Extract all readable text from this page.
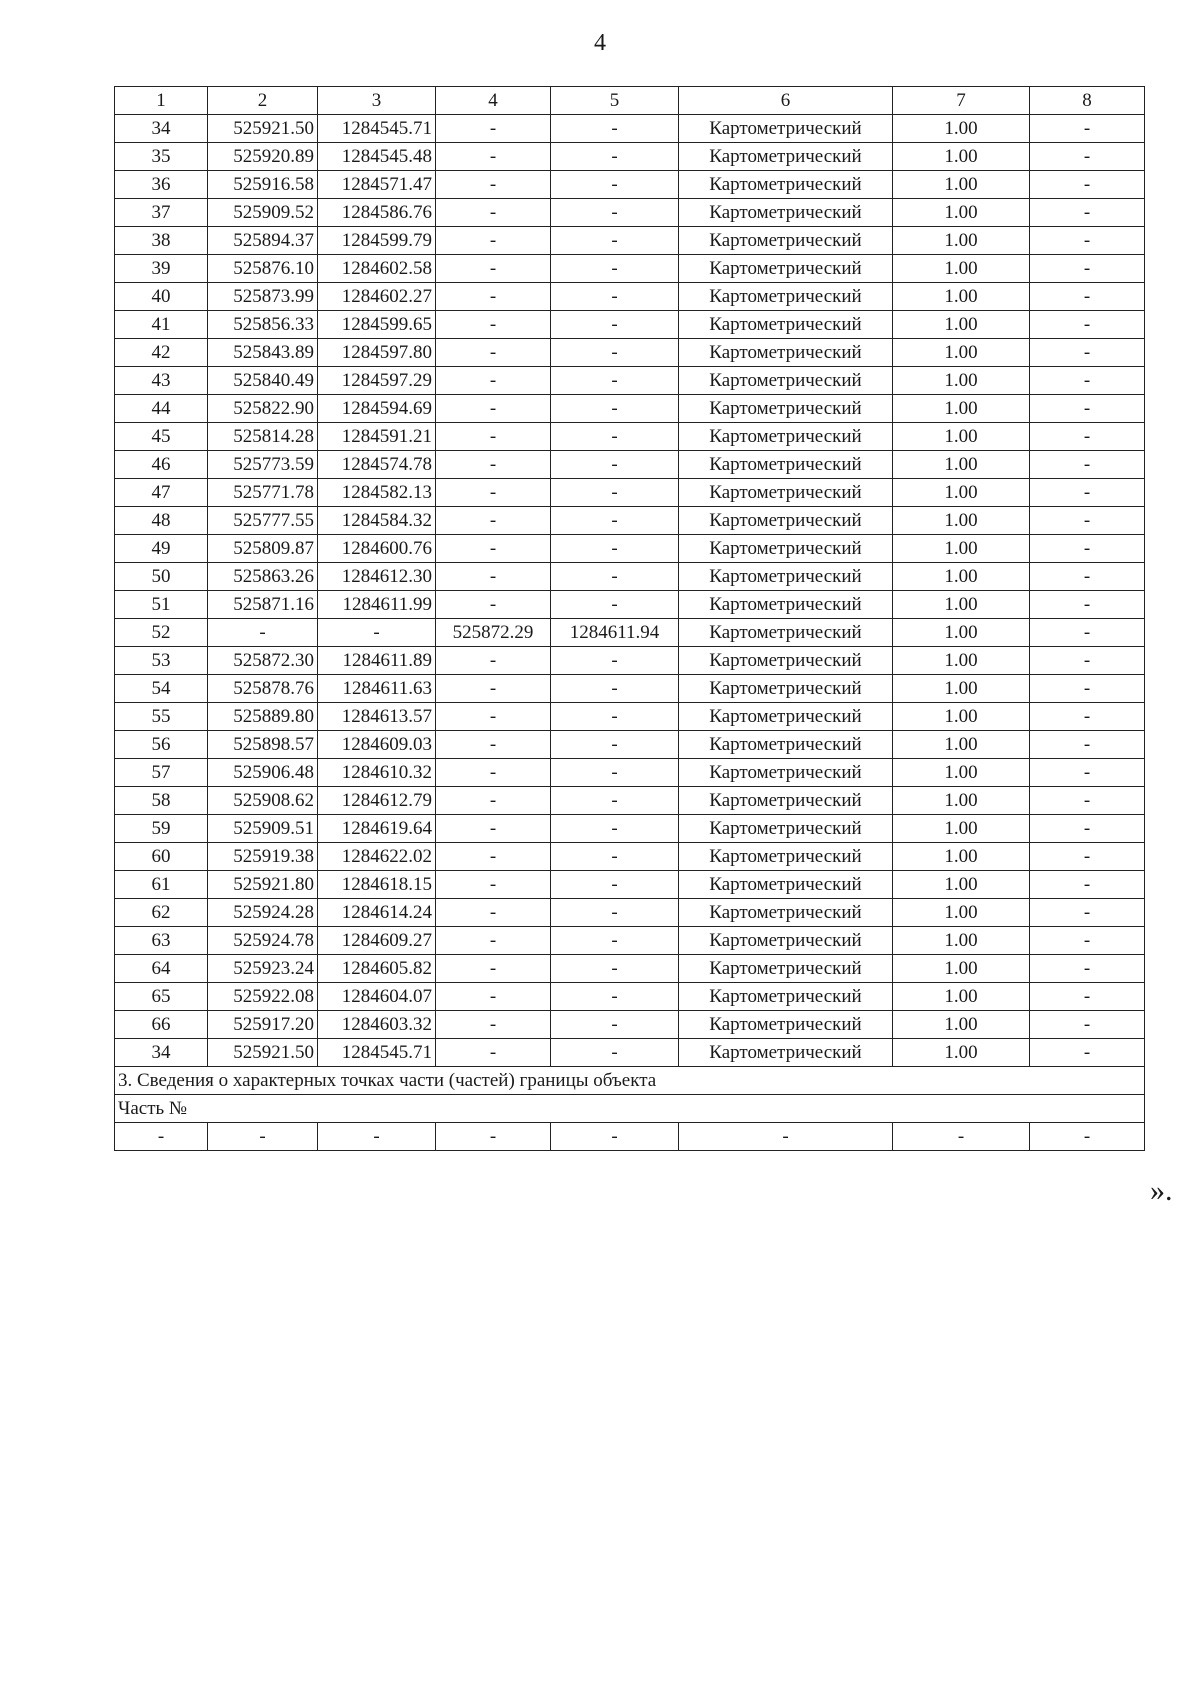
4
1	2	3	4	5	6	7	8
34	525921.50	1284545.71	-	-	Картометрический	1.00	-
35	525920.89	1284545.48	-	-	Картометрический	1.00	-
36	525916.58	1284571.47	-	-	Картометрический	1.00	-
37	525909.52	1284586.76	-	-	Картометрический	1.00	-
38	525894.37	1284599.79	-	-	Картометрический	1.00	-
39	525876.10	1284602.58	-	-	Картометрический	1.00	-
40	525873.99	1284602.27	-	-	Картометрический	1.00	-
41	525856.33	1284599.65	-	-	Картометрический	1.00	-
42	525843.89	1284597.80	-	-	Картометрический	1.00	-
43	525840.49	1284597.29	-	-	Картометрический	1.00	-
44	525822.90	1284594.69	-	-	Картометрический	1.00	-
45	525814.28	1284591.21	-	-	Картометрический	1.00	-
46	525773.59	1284574.78	-	-	Картометрический	1.00	-
47	525771.78	1284582.13	-	-	Картометрический	1.00	-
48	525777.55	1284584.32	-	-	Картометрический	1.00	-
49	525809.87	1284600.76	-	-	Картометрический	1.00	-
50	525863.26	1284612.30	-	-	Картометрический	1.00	-
51	525871.16	1284611.99	-	-	Картометрический	1.00	-
52	-	-	525872.29	1284611.94	Картометрический	1.00	-
53	525872.30	1284611.89	-	-	Картометрический	1.00	-
54	525878.76	1284611.63	-	-	Картометрический	1.00	-
55	525889.80	1284613.57	-	-	Картометрический	1.00	-
56	525898.57	1284609.03	-	-	Картометрический	1.00	-
57	525906.48	1284610.32	-	-	Картометрический	1.00	-
58	525908.62	1284612.79	-	-	Картометрический	1.00	-
59	525909.51	1284619.64	-	-	Картометрический	1.00	-
60	525919.38	1284622.02	-	-	Картометрический	1.00	-
61	525921.80	1284618.15	-	-	Картометрический	1.00	-
62	525924.28	1284614.24	-	-	Картометрический	1.00	-
63	525924.78	1284609.27	-	-	Картометрический	1.00	-
64	525923.24	1284605.82	-	-	Картометрический	1.00	-
65	525922.08	1284604.07	-	-	Картометрический	1.00	-
66	525917.20	1284603.32	-	-	Картометрический	1.00	-
34	525921.50	1284545.71	-	-	Картометрический	1.00	-
3. Сведения о характерных точках части (частей) границы объекта							
Часть №							
-	-	-	-	-	-	-	-
».
